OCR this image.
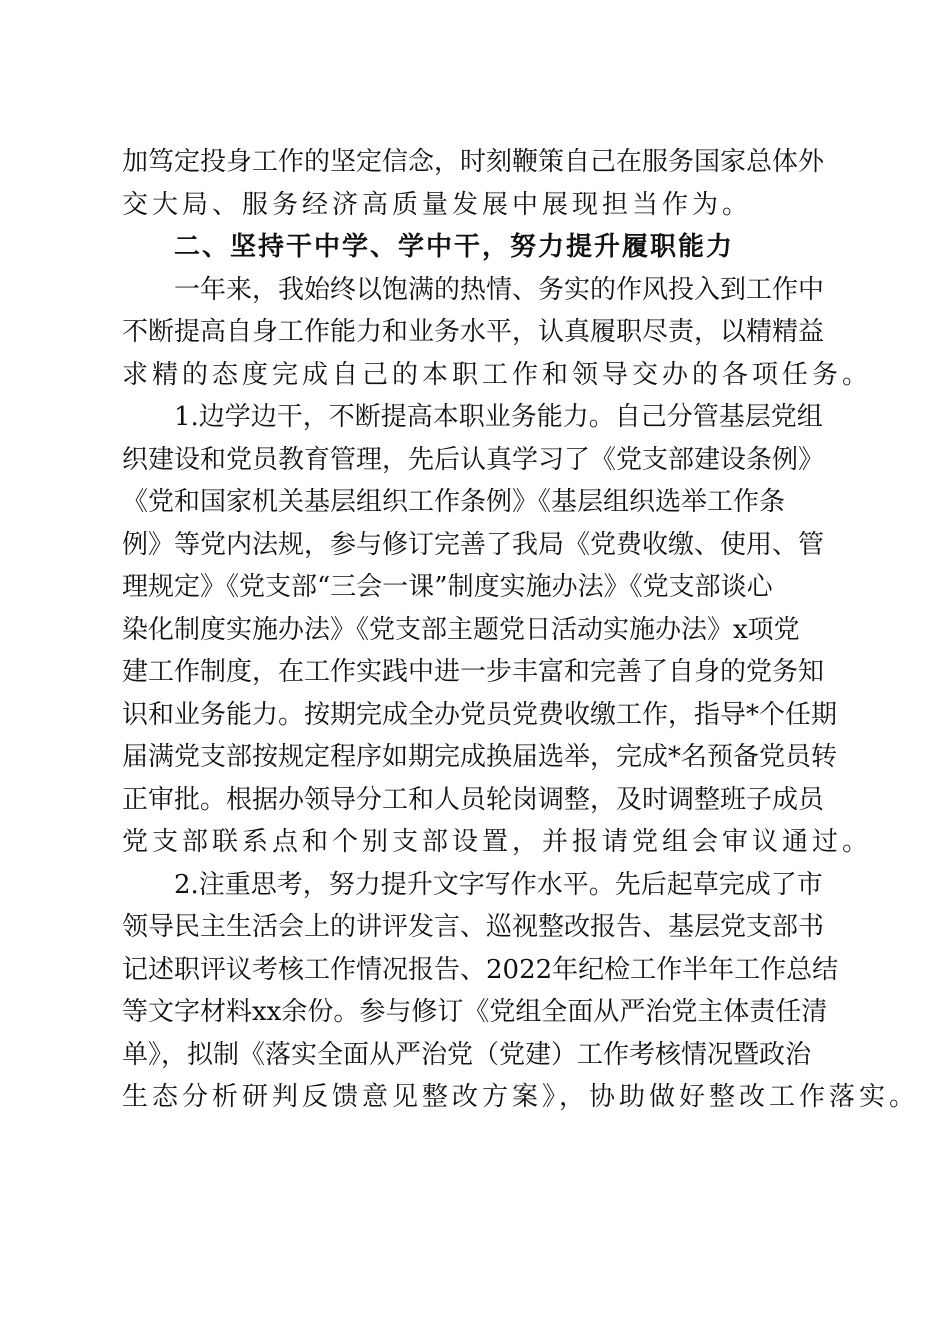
加笃定投身工作的坚定信念，时刻鞭策自己在服务国家总体外
交大局、服务经济高质量发展中展现担当作为。
二、坚持干中学、学中干，努力提升履职能力
一年来，我始终以饱满的热情、务实的作风投入到工作中
不断提高自身工作能力和业务水平，认真履职尽责，以精精益
求精的态度完成自己的本职工作和领导交办的各项任务。
1.边学边干，不断提高本职业务能力。自己分管基层党组
织建设和党员教育管理，先后认真学习了《党支部建设条例》
《党和国家机关基层组织工作条例》《基层组织选举工作条
例》等党内法规，参与修订完善了我局《党费收缴、使用、管
理规定》《党支部“三会一课”制度实施办法》《党支部谈心
染化制度实施办法》《党支部主题党日活动实施办法》x项党
建工作制度，在工作实践中进一步丰富和完善了自身的党务知
识和业务能力。按期完成全办党员党费收缴工作，指导*个任期
届满党支部按规定程序如期完成换届选举，完成*名预备党员转
正审批。根据办领导分工和人员轮岗调整，及时调整班子成员
党支部联系点和个别支部设置，并报请党组会审议通过。
2.注重思考，努力提升文字写作水平。先后起草完成了市
领导民主生活会上的讲评发言、巡视整改报告、基层党支部书
记述职评议考核工作情况报告、2022年纪检工作半年工作总结
等文字材料xx余份。参与修订《党组全面从严治党主体责任清
单》，拟制《落实全面从严治党（党建）工作考核情况暨政治
生态分析研判反馈意见整改方案》，协助做好整改工作落实。
